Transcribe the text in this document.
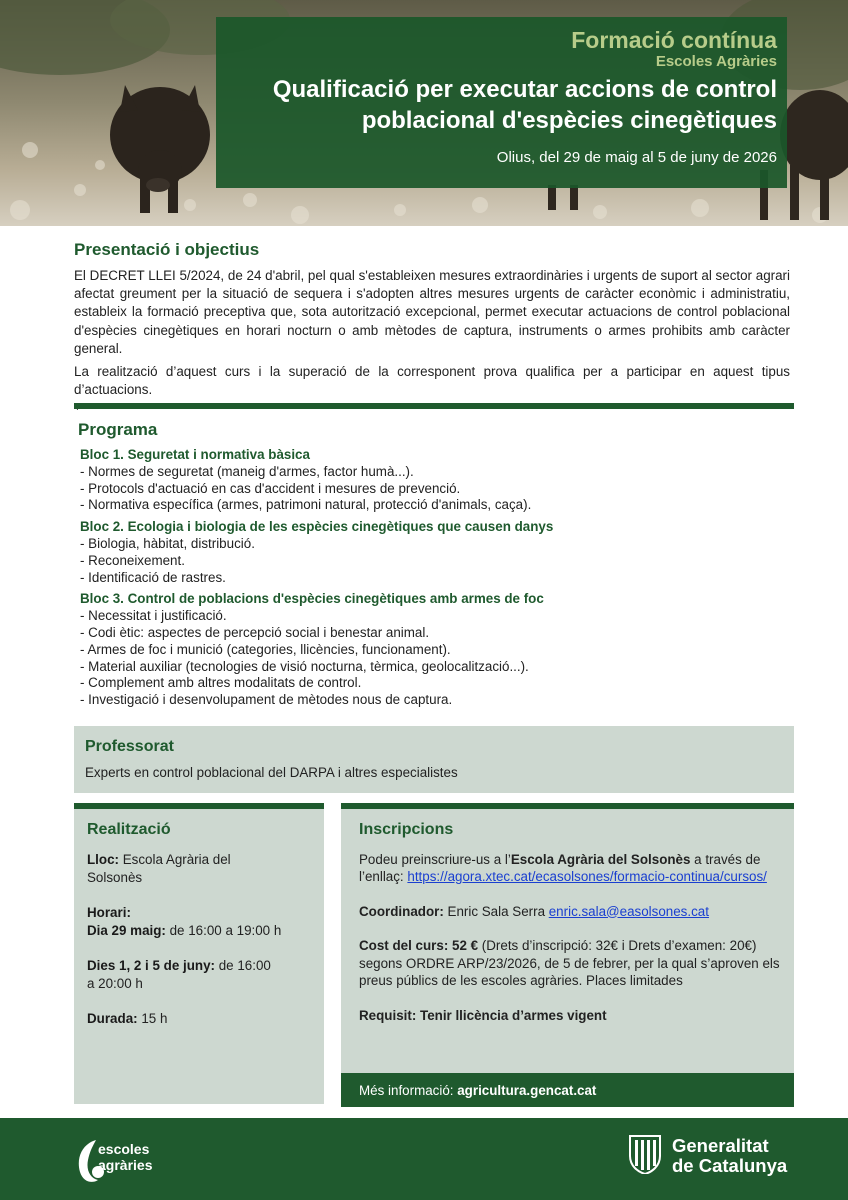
Formació contínua
Escoles Agràries
Qualificació per executar accions de control
poblacional d'espècies cinegètiques
Olius, del 29 de maig al 5 de juny de 2026
Presentació i objectius
El DECRET LLEI 5/2024, de 24 d'abril, pel qual s'estableixen mesures extraordinàries i urgents de suport al sector agrari afectat greument per la situació de sequera i s'adopten altres mesures urgents de caràcter econòmic i administratiu, estableix la formació preceptiva que, sota autorització excepcional, permet executar actuacions de control poblacional d'espècies cinegètiques en horari nocturn o amb mètodes de captura, instruments o armes prohibits amb caràcter general.
La realització d’aquest curs i la superació de la corresponent prova qualifica per a participar en aquest tipus d’actuacions.
Programa
Bloc 1. Seguretat i normativa bàsica
- Normes de seguretat (maneig d'armes, factor humà...).
- Protocols d'actuació en cas d'accident i mesures de prevenció.
- Normativa específica (armes, patrimoni natural, protecció d'animals, caça).
Bloc 2. Ecologia i biologia de les espècies cinegètiques que causen danys
- Biologia, hàbitat, distribució.
- Reconeixement.
- Identificació de rastres.
Bloc 3. Control de poblacions d'espècies cinegètiques amb armes de foc
- Necessitat i justificació.
- Codi ètic: aspectes de percepció social i benestar animal.
- Armes de foc i munició (categories, llicències, funcionament).
- Material auxiliar (tecnologies de visió nocturna, tèrmica, geolocalització...).
- Complement amb altres modalitats de control.
- Investigació i desenvolupament de mètodes nous de captura.
Professorat
Experts en control poblacional del DARPA i altres especialistes
Realització
Lloc: Escola Agrària del
Solsonès
Horari:
Dia 29 maig: de 16:00 a 19:00 h
Dies 1, 2 i 5 de juny: de 16:00
a 20:00 h
Durada: 15 h
Inscripcions
Podeu preinscriure-us a l’Escola Agrària del Solsonès a través de l’enllaç: https://agora.xtec.cat/ecasolsones/formacio-continua/cursos/
Coordinador: Enric Sala Serra enric.sala@easolsones.cat
Cost del curs: 52 € (Drets d’inscripció: 32€ i Drets d’examen: 20€) segons ORDRE ARP/23/2026, de 5 de febrer, per la qual s’aproven els preus públics de les escoles agràries. Places limitades
Requisit: Tenir llicència d’armes vigent
Més informació: agricultura.gencat.cat
escoles
agràries
Generalitat
de Catalunya
